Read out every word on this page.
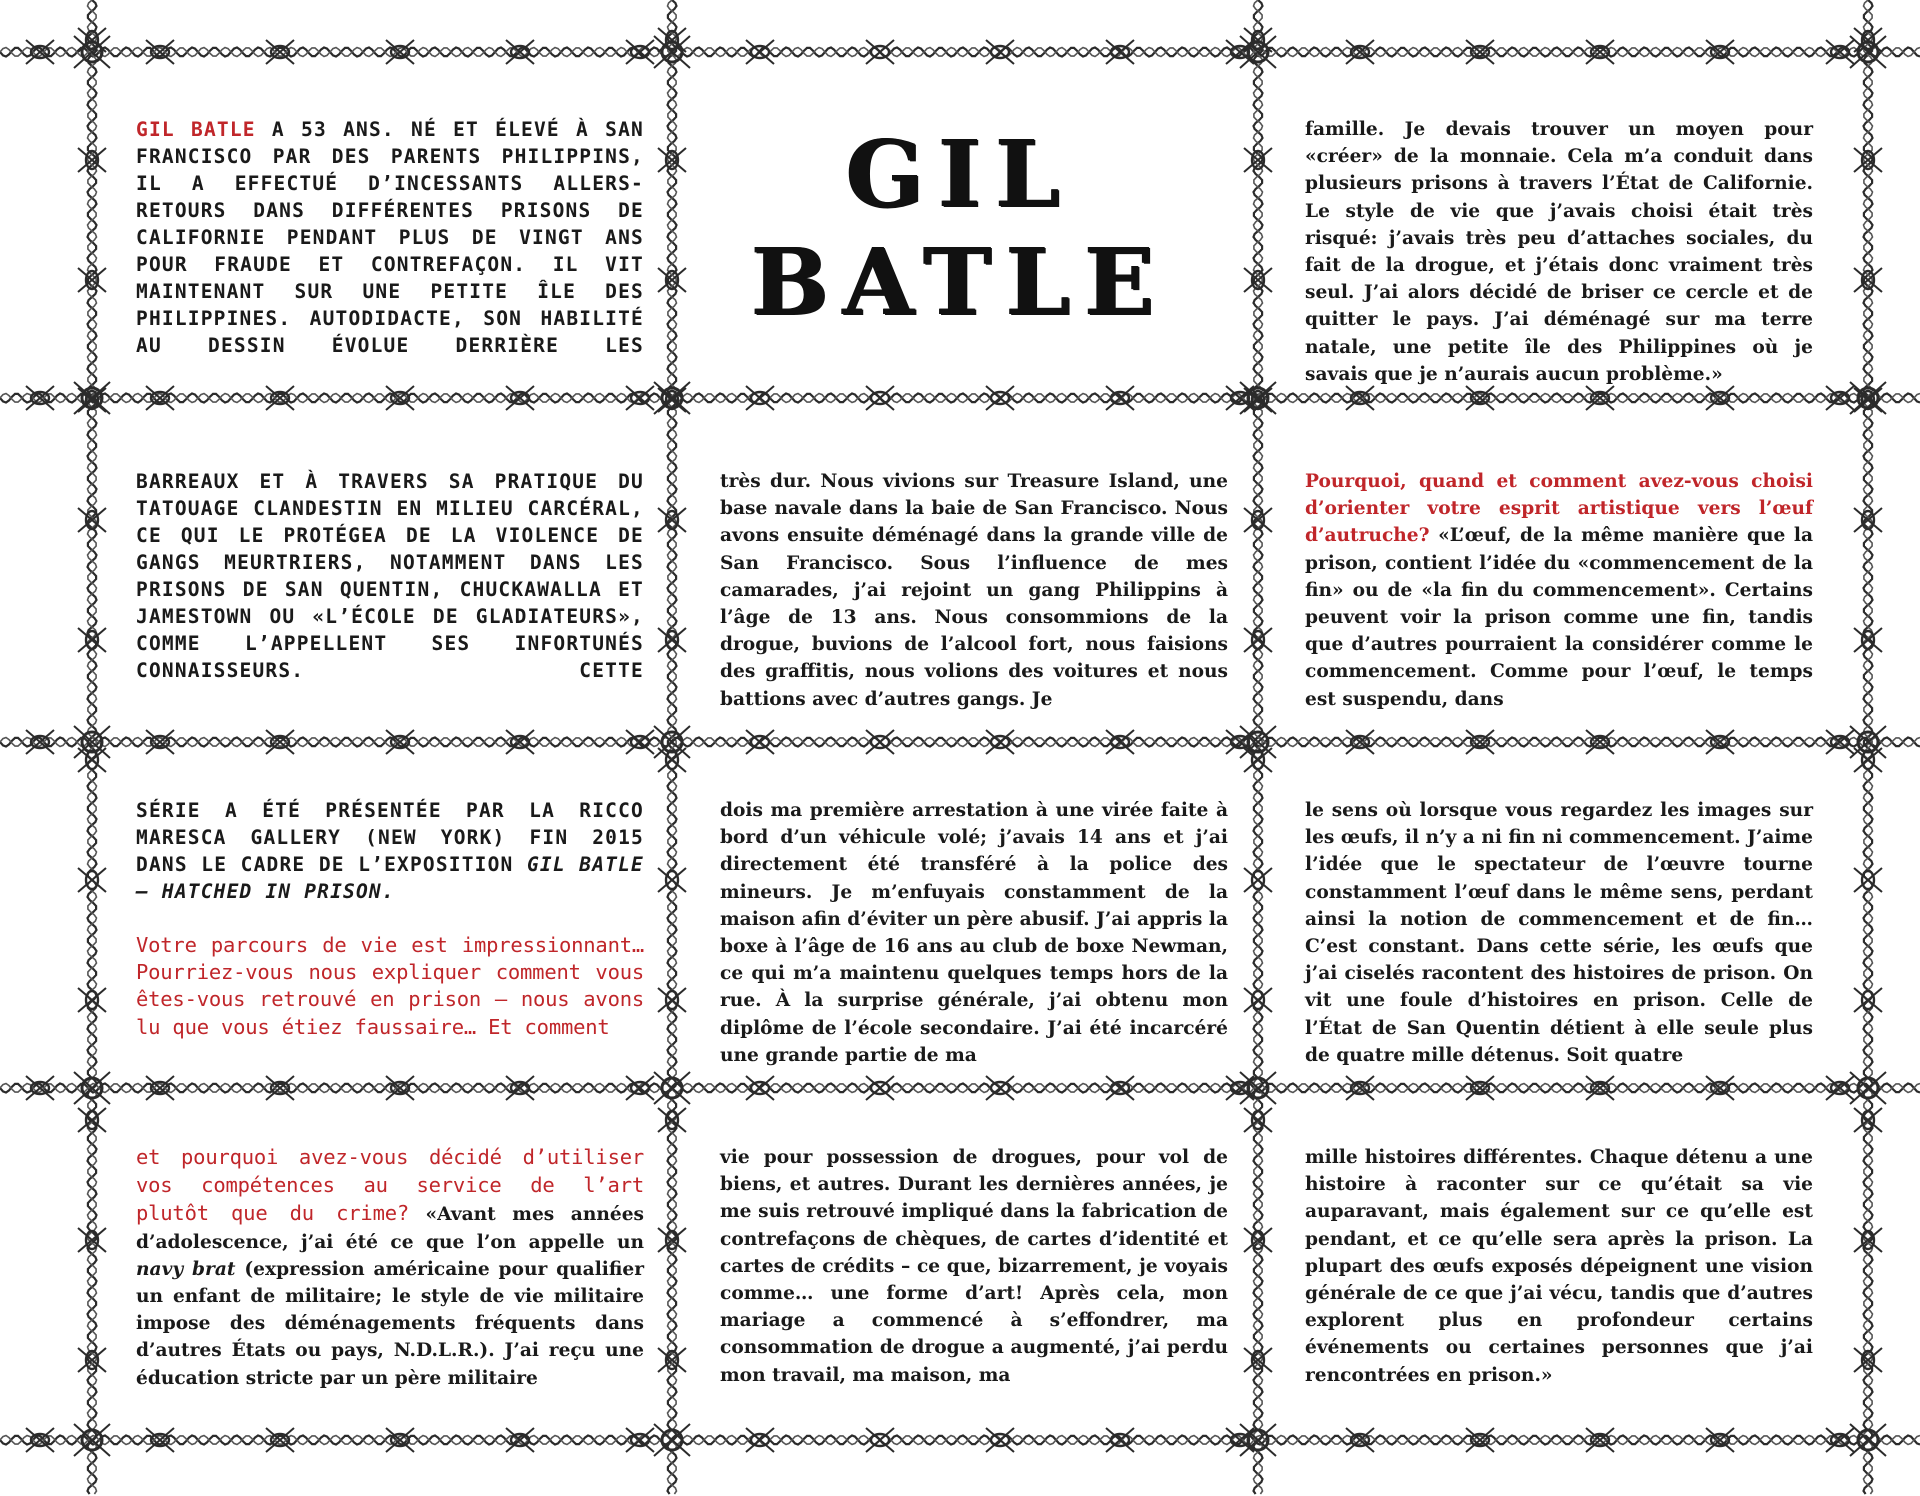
GIL BATLE A 53 ANS. NÉ ET ÉLEVÉ À SAN FRANCISCO PAR DES PARENTS PHILIPPINS, IL A EFFECTUÉ D’INCESSANTS ALLERS-RETOURS DANS DIFFÉRENTES PRISONS DE CALIFORNIE PENDANT PLUS DE VINGT ANS POUR FRAUDE ET CONTREFAÇON. IL VIT MAINTENANT SUR UNE PETITE ÎLE DES PHILIPPINES. AUTODIDACTE, SON HABILITÉ AU DESSIN ÉVOLUE DERRIÈRE LES
GIL
BATLE
famille. Je devais trouver un moyen pour «créer» de la monnaie. Cela m’a conduit dans plusieurs prisons à travers l’État de Californie. Le style de vie que j’avais choisi était très risqué: j’avais très peu d’attaches sociales, du fait de la drogue, et j’étais donc vraiment très seul. J’ai alors décidé de briser ce cercle et de quitter le pays. J’ai déménagé sur ma terre natale, une petite île des Philippines où je savais que je n’aurais aucun problème.»
BARREAUX ET À TRAVERS SA PRATIQUE DU TATOUAGE CLANDESTIN EN MILIEU CARCÉRAL, CE QUI LE PROTÉGEA DE LA VIOLENCE DE GANGS MEURTRIERS, NOTAMMENT DANS LES PRISONS DE SAN QUENTIN, CHUCKAWALLA ET JAMESTOWN OU «L’ÉCOLE DE GLADIATEURS», COMME L’APPELLENT SES INFORTUNÉS CONNAISSEURS. CETTE
très dur. Nous vivions sur Treasure Island, une base navale dans la baie de San Francisco. Nous avons ensuite déménagé dans la grande ville de San Francisco. Sous l’influence de mes camarades, j’ai rejoint un gang Philippins à l’âge de 13 ans. Nous consommions de la drogue, buvions de l’alcool fort, nous faisions des graffitis, nous volions des voitures et nous battions avec d’autres gangs. Je
Pourquoi, quand et comment avez-vous choisi d’orienter votre esprit artistique vers l’œuf d’autruche? «L’œuf, de la même manière que la prison, contient l’idée du «commencement de la fin» ou de «la fin du commencement». Certains peuvent voir la prison comme une fin, tandis que d’autres pourraient la considérer comme le commencement. Comme pour l’œuf, le temps est suspendu, dans
SÉRIE A ÉTÉ PRÉSENTÉE PAR LA RICCO MARESCA GALLERY (NEW YORK) FIN 2015 DANS LE CADRE DE L’EXPOSITION GIL BATLE – HATCHED IN PRISON.
Votre parcours de vie est impressionnant… Pourriez-vous nous expliquer comment vous êtes-vous retrouvé en prison — nous avons lu que vous étiez faussaire… Et comment
dois ma première arrestation à une virée faite à bord d’un véhicule volé; j’avais 14 ans et j’ai directement été transféré à la police des mineurs. Je m’enfuyais constamment de la maison afin d’éviter un père abusif. J’ai appris la boxe à l’âge de 16 ans au club de boxe Newman, ce qui m’a maintenu quelques temps hors de la rue. À la surprise générale, j’ai obtenu mon diplôme de l’école secondaire. J’ai été incarcéré une grande partie de ma
le sens où lorsque vous regardez les images sur les œufs, il n’y a ni fin ni commencement. J’aime l’idée que le spectateur de l’œuvre tourne constamment l’œuf dans le même sens, perdant ainsi la notion de commencement et de fin… C’est constant. Dans cette série, les œufs que j’ai ciselés racontent des histoires de prison. On vit une foule d’histoires en prison. Celle de l’État de San Quentin détient à elle seule plus de quatre mille détenus. Soit quatre
et pourquoi avez-vous décidé d’utiliser vos compétences au service de l’art plutôt que du crime? «Avant mes années d’adolescence, j’ai été ce que l’on appelle un navy brat (expression américaine pour qualifier un enfant de militaire; le style de vie militaire impose des déménagements fréquents dans d’autres États ou pays, N.D.L.R.). J’ai reçu une éducation stricte par un père militaire
vie pour possession de drogues, pour vol de biens, et autres. Durant les dernières années, je me suis retrouvé impliqué dans la fabrication de contrefaçons de chèques, de cartes d’identité et cartes de crédits – ce que, bizarrement, je voyais comme… une forme d’art! Après cela, mon mariage a commencé à s’effondrer, ma consommation de drogue a augmenté, j’ai perdu mon travail, ma maison, ma
mille histoires différentes. Chaque détenu a une histoire à raconter sur ce qu’était sa vie auparavant, mais également sur ce qu’elle est pendant, et ce qu’elle sera après la prison. La plupart des œufs exposés dépeignent une vision générale de ce que j’ai vécu, tandis que d’autres explorent plus en profondeur certains événements ou certaines personnes que j’ai rencontrées en prison.»
